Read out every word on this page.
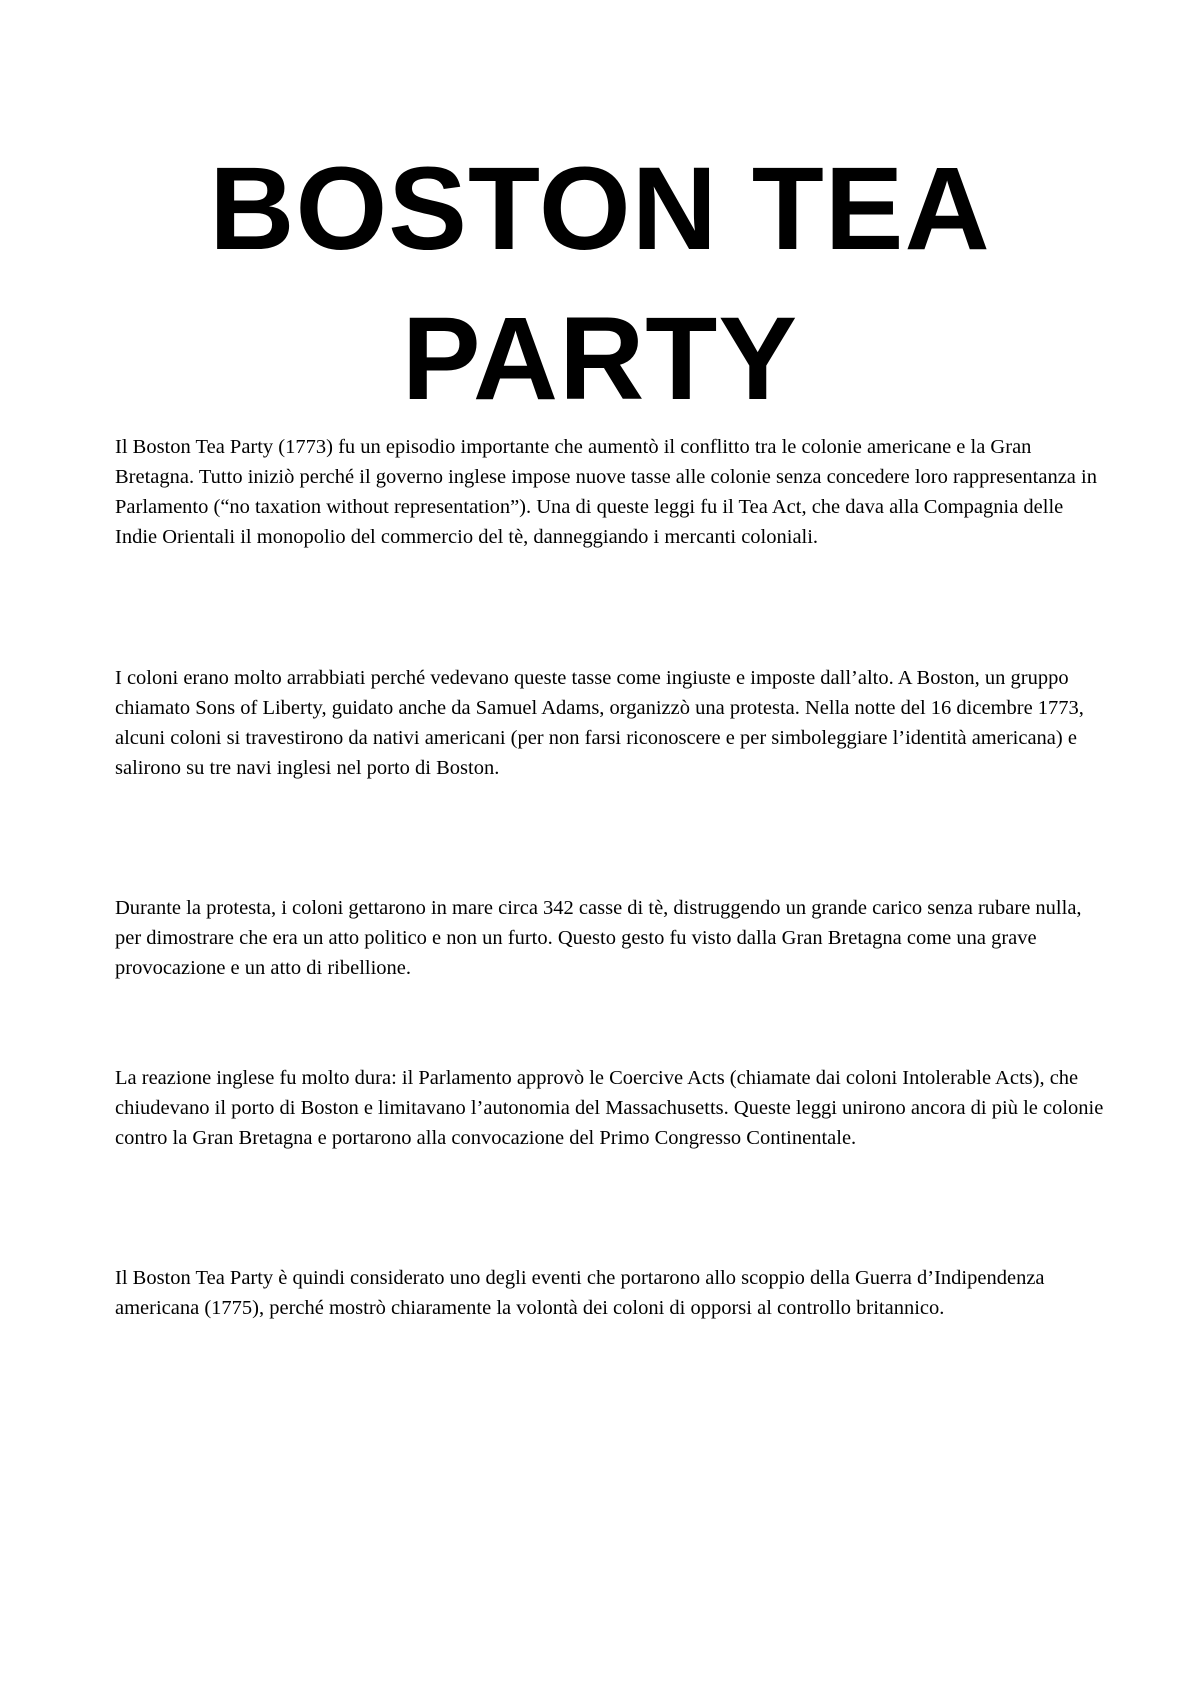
BOSTON TEA
PARTY

Il Boston Tea Party (1773) fu un episodio importante che aumentò il conflitto tra le colonie americane e la Gran Bretagna. Tutto iniziò perché il governo inglese impose nuove tasse alle colonie senza concedere loro rappresentanza in Parlamento (“no taxation without representation”). Una di queste leggi fu il Tea Act, che dava alla Compagnia delle Indie Orientali il monopolio del commercio del tè, danneggiando i mercanti coloniali.

I coloni erano molto arrabbiati perché vedevano queste tasse come ingiuste e imposte dall’alto. A Boston, un gruppo chiamato Sons of Liberty, guidato anche da Samuel Adams, organizzò una protesta. Nella notte del 16 dicembre 1773, alcuni coloni si travestirono da nativi americani (per non farsi riconoscere e per simboleggiare l’identità americana) e salirono su tre navi inglesi nel porto di Boston.

Durante la protesta, i coloni gettarono in mare circa 342 casse di tè, distruggendo un grande carico senza rubare nulla, per dimostrare che era un atto politico e non un furto. Questo gesto fu visto dalla Gran Bretagna come una grave provocazione e un atto di ribellione.

La reazione inglese fu molto dura: il Parlamento approvò le Coercive Acts (chiamate dai coloni Intolerable Acts), che chiudevano il porto di Boston e limitavano l’autonomia del Massachusetts. Queste leggi unirono ancora di più le colonie contro la Gran Bretagna e portarono alla convocazione del Primo Congresso Continentale.

Il Boston Tea Party è quindi considerato uno degli eventi che portarono allo scoppio della Guerra d’Indipendenza americana (1775), perché mostrò chiaramente la volontà dei coloni di opporsi al controllo britannico.
